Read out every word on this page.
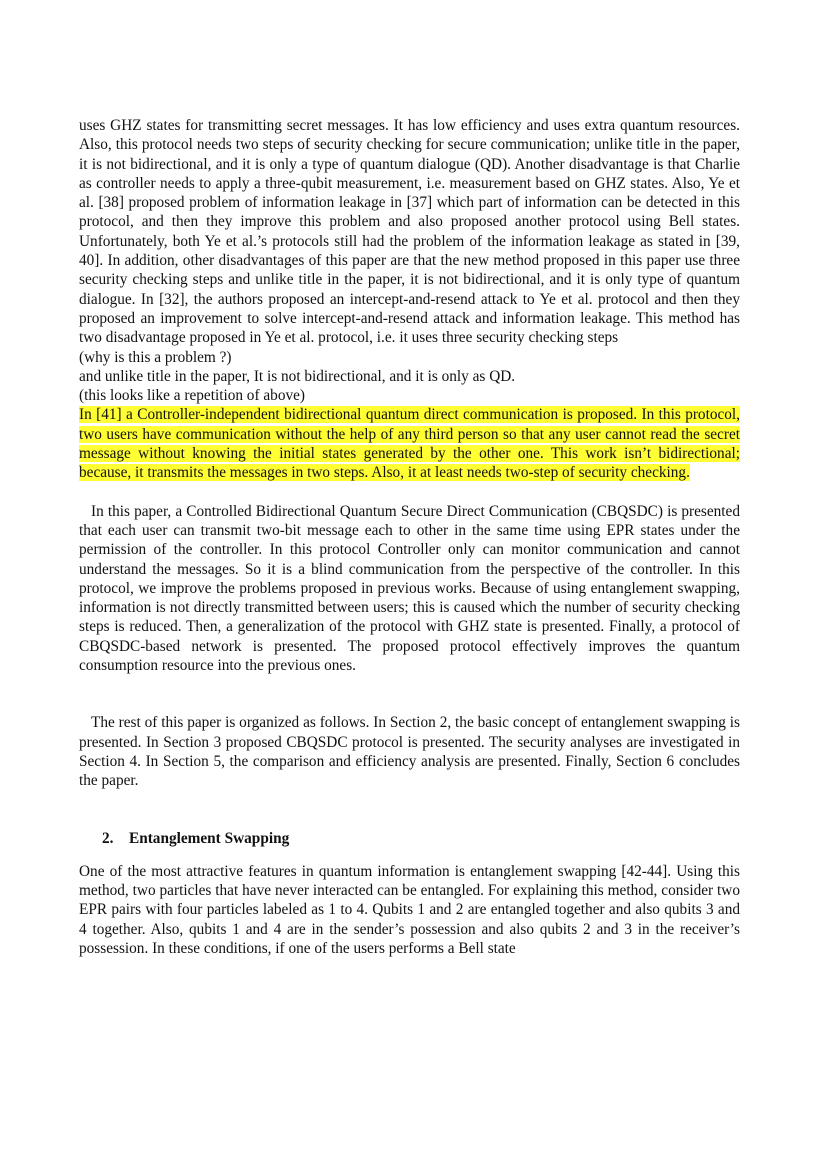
uses GHZ states for transmitting secret messages. It has low efficiency and uses extra quantum resources. Also, this protocol needs two steps of security checking for secure communication; unlike title in the paper, it is not bidirectional, and it is only a type of quantum dialogue (QD). Another disadvantage is that Charlie as controller needs to apply a three-qubit measurement, i.e. measurement based on GHZ states. Also, Ye et al. [38] proposed problem of information leakage in [37] which part of information can be detected in this protocol, and then they improve this problem and also proposed another protocol using Bell states. Unfortunately, both Ye et al.’s protocols still had the problem of the information leakage as stated in [39, 40]. In addition, other disadvantages of this paper are that the new method proposed in this paper use three security checking steps and unlike title in the paper, it is not bidirectional, and it is only type of quantum dialogue. In [32], the authors proposed an intercept-and-resend attack to Ye et al. protocol and then they proposed an improvement to solve intercept-and-resend attack and information leakage. This method has two disadvantage proposed in Ye et al. protocol, i.e. it uses three security checking steps

(why is this a problem ?)

and unlike title in the paper, It is not bidirectional, and it is only as QD.

(this looks like a repetition of above)

In [41] a Controller-independent bidirectional quantum direct communication is proposed. In this protocol, two users have communication without the help of any third person so that any user cannot read the secret message without knowing the initial states generated by the other one. This work isn’t bidirectional; because, it transmits the messages in two steps. Also, it at least needs two-step of security checking.

In this paper, a Controlled Bidirectional Quantum Secure Direct Communication (CBQSDC) is presented that each user can transmit two-bit message each to other in the same time using EPR states under the permission of the controller. In this protocol Controller only can monitor communication and cannot understand the messages. So it is a blind communication from the perspective of the controller. In this protocol, we improve the problems proposed in previous works. Because of using entanglement swapping, information is not directly transmitted between users; this is caused which the number of security checking steps is reduced. Then, a generalization of the protocol with GHZ state is presented. Finally, a protocol of CBQSDC-based network is presented. The proposed protocol effectively improves the quantum consumption resource into the previous ones.

The rest of this paper is organized as follows. In Section 2, the basic concept of entanglement swapping is presented. In Section 3 proposed CBQSDC protocol is presented. The security analyses are investigated in Section 4. In Section 5, the comparison and efficiency analysis are presented. Finally, Section 6 concludes the paper.

2. Entanglement Swapping

One of the most attractive features in quantum information is entanglement swapping [42-44]. Using this method, two particles that have never interacted can be entangled. For explaining this method, consider two EPR pairs with four particles labeled as 1 to 4. Qubits 1 and 2 are entangled together and also qubits 3 and 4 together. Also, qubits 1 and 4 are in the sender’s possession and also qubits 2 and 3 in the receiver’s possession. In these conditions, if one of the users performs a Bell state
